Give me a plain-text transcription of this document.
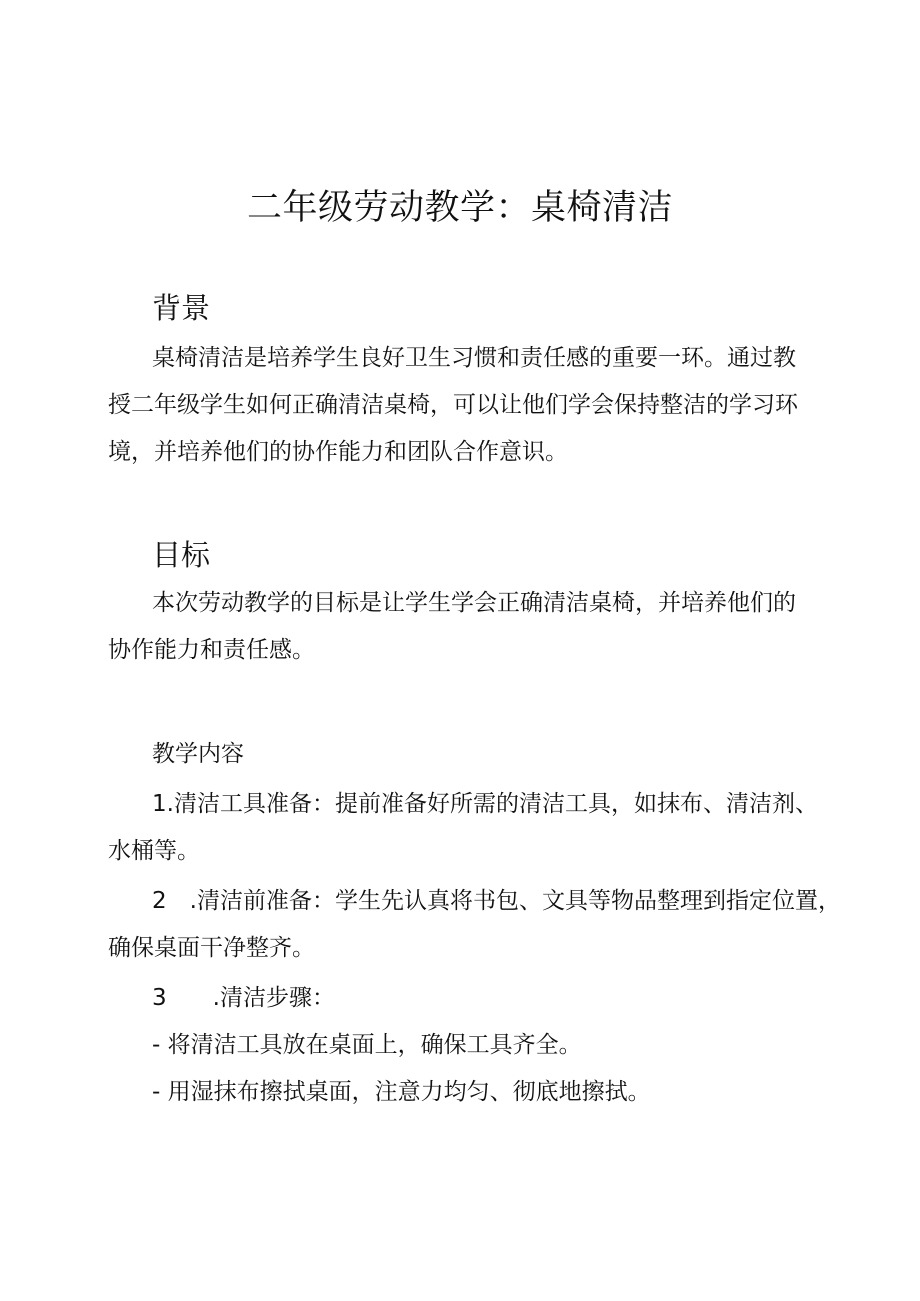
二年级劳动教学：桌椅清洁
背景
桌椅清洁是培养学生良好卫生习惯和责任感的重要一环。通过教
授二年级学生如何正确清洁桌椅，可以让他们学会保持整洁的学习环
境，并培养他们的协作能力和团队合作意识。
目标
本次劳动教学的目标是让学生学会正确清洁桌椅，并培养他们的
协作能力和责任感。
教学内容
1.清洁工具准备：提前准备好所需的清洁工具，如抹布、清洁剂、
水桶等。
2　.清洁前准备：学生先认真将书包、文具等物品整理到指定位置，
确保桌面干净整齐。
3　　.清洁步骤：
- 将清洁工具放在桌面上，确保工具齐全。
- 用湿抹布擦拭桌面，注意力均匀、彻底地擦拭。
